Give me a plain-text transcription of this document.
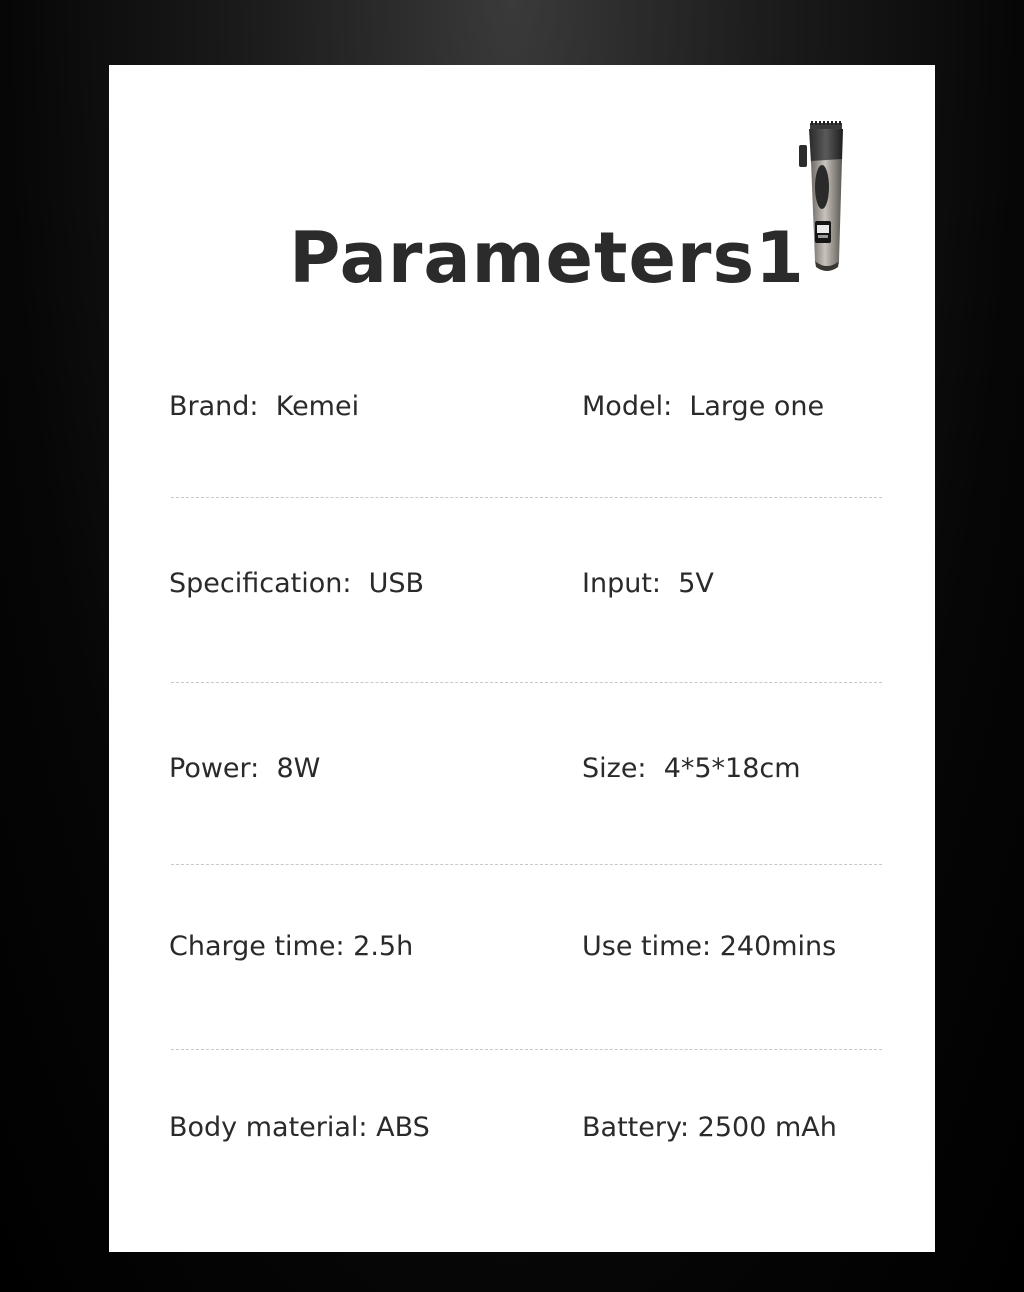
Parameters1
Brand: Kemei	Model: Large one
Specification: USB	Input: 5V
Power: 8W	Size: 4*5*18cm
Charge time: 2.5h	Use time: 240mins
Body material: ABS	Battery: 2500 mAh
